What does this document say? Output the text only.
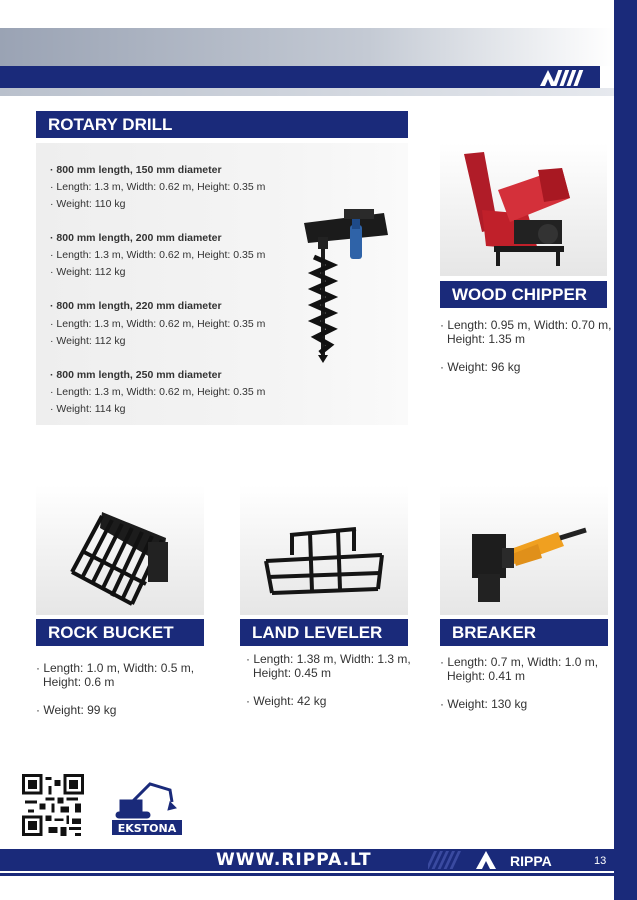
ROTARY DRILL
· 800 mm length, 150 mm diameter
· Length: 1.3 m, Width: 0.62 m, Height: 0.35 m
· Weight: 110 kg
· 800 mm length, 200 mm diameter
· Length: 1.3 m, Width: 0.62 m, Height: 0.35 m
· Weight: 112 kg
· 800 mm length, 220 mm diameter
· Length: 1.3 m, Width: 0.62 m, Height: 0.35 m
· Weight: 112 kg
· 800 mm length, 250 mm diameter
· Length: 1.3 m, Width: 0.62 m, Height: 0.35 m
· Weight: 114 kg
WOOD CHIPPER
· Length: 0.95 m, Width: 0.70 m,
Height: 1.35 m
· Weight: 96 kg
ROCK BUCKET
· Length: 1.0 m, Width: 0.5 m,
Height: 0.6 m
· Weight: 99 kg
LAND LEVELER
· Length: 1.38 m, Width: 1.3 m,
Height: 0.45 m
· Weight: 42 kg
BREAKER
· Length: 0.7 m, Width: 1.0 m,
Height: 0.41 m
· Weight: 130 kg
EKSTONA
WWW.RIPPA.LT	RIPPA	13
